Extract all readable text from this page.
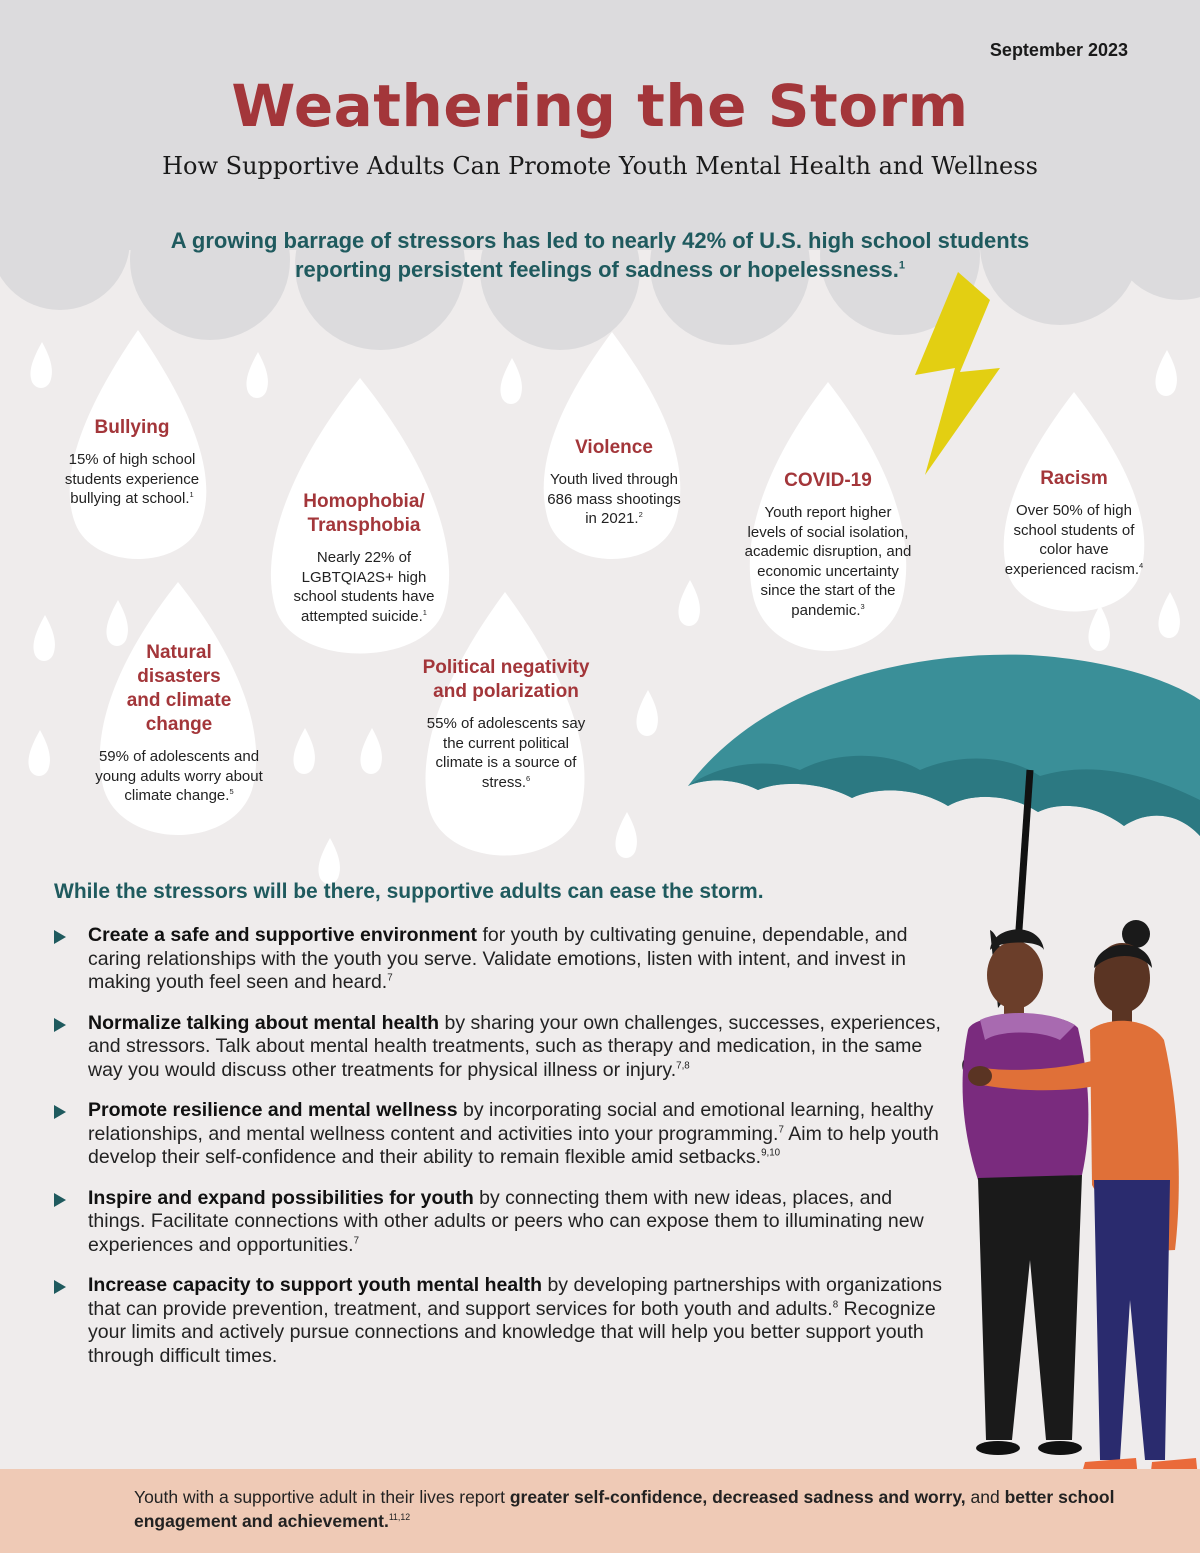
September 2023
Weathering the Storm
How Supportive Adults Can Promote Youth Mental Health and Wellness
A growing barrage of stressors has led to nearly 42% of U.S. high school students
reporting persistent feelings of sadness or hopelessness.$^1$
Bullying

15% of high school students experience bullying at school.$^1$	Homophobia/
Transphobia

Nearly 22% of LGBTQIA2S+ high school students have attempted suicide.$^1$

Violence

Youth lived through 686 mass shootings in 2021.$^2$

COVID-19

Youth report higher levels of social isolation, academic disruption, and economic uncertainty since the start of the pandemic.$^3$

Racism

Over 50% of high school students of color have experienced racism.$^4$

Natural disasters and climate change

59% of adolescents and young adults worry about climate change.$^5$

Political negativity and polarization

55% of adolescents say the current political climate is a source of stress.$^6$

While the stressors will be there, supportive adults can ease the storm.
Create a safe and supportive environment for youth by cultivating genuine, dependable, and caring relationships with the youth you serve. Validate emotions, listen with intent, and invest in making youth feel seen and heard.$^7$
Normalize talking about mental health by sharing your own challenges, successes, experiences, and stressors. Talk about mental health treatments, such as therapy and medication, in the same way you would discuss other treatments for physical illness or injury.$^{7,8}$
Promote resilience and mental wellness by incorporating social and emotional learning, healthy relationships, and mental wellness content and activities into your programming.$^7$ Aim to help youth develop their self-confidence and their ability to remain flexible amid setbacks.$^{9,10}$
Inspire and expand possibilities for youth by connecting them with new ideas, places, and things. Facilitate connections with other adults or peers who can expose them to illuminating new experiences and opportunities.$^7$
Increase capacity to support youth mental health by developing partnerships with organizations that can provide prevention, treatment, and support services for both youth and adults.$^8$ Recognize your limits and actively pursue connections and knowledge that will help you better support youth through difficult times.

Youth with a supportive adult in their lives report greater self-confidence, decreased sadness and worry, and better school engagement and achievement.$^{11,12}$
